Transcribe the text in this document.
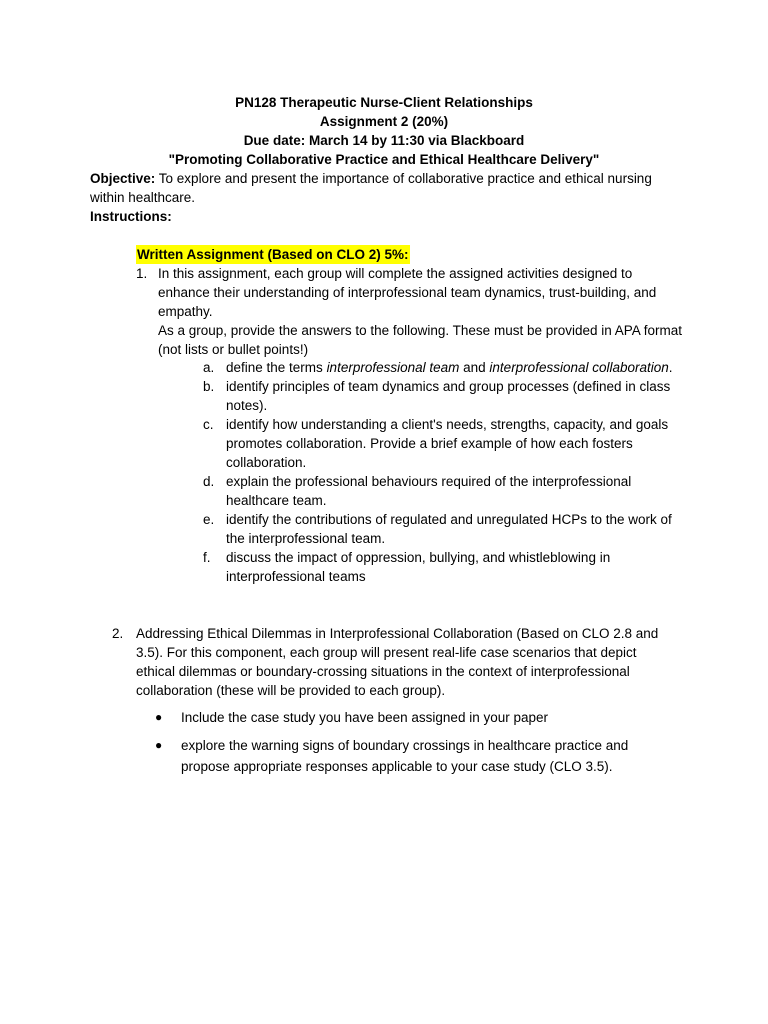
PN128 Therapeutic Nurse-Client Relationships
Assignment 2 (20%)
Due date: March 14 by 11:30 via Blackboard
"Promoting Collaborative Practice and Ethical Healthcare Delivery"
Objective: To explore and present the importance of collaborative practice and ethical nursing within healthcare.
Instructions:
Written Assignment (Based on CLO 2) 5%:
1. In this assignment, each group will complete the assigned activities designed to enhance their understanding of interprofessional team dynamics, trust-building, and empathy.
As a group, provide the answers to the following. These must be provided in APA format (not lists or bullet points!)
a. define the terms interprofessional team and interprofessional collaboration.
b. identify principles of team dynamics and group processes (defined in class notes).
c. identify how understanding a client's needs, strengths, capacity, and goals promotes collaboration. Provide a brief example of how each fosters collaboration.
d. explain the professional behaviours required of the interprofessional healthcare team.
e. identify the contributions of regulated and unregulated HCPs to the work of the interprofessional team.
f. discuss the impact of oppression, bullying, and whistleblowing in interprofessional teams
2. Addressing Ethical Dilemmas in Interprofessional Collaboration (Based on CLO 2.8 and 3.5). For this component, each group will present real-life case scenarios that depict ethical dilemmas or boundary-crossing situations in the context of interprofessional collaboration (these will be provided to each group).
● Include the case study you have been assigned in your paper
● explore the warning signs of boundary crossings in healthcare practice and propose appropriate responses applicable to your case study (CLO 3.5).
